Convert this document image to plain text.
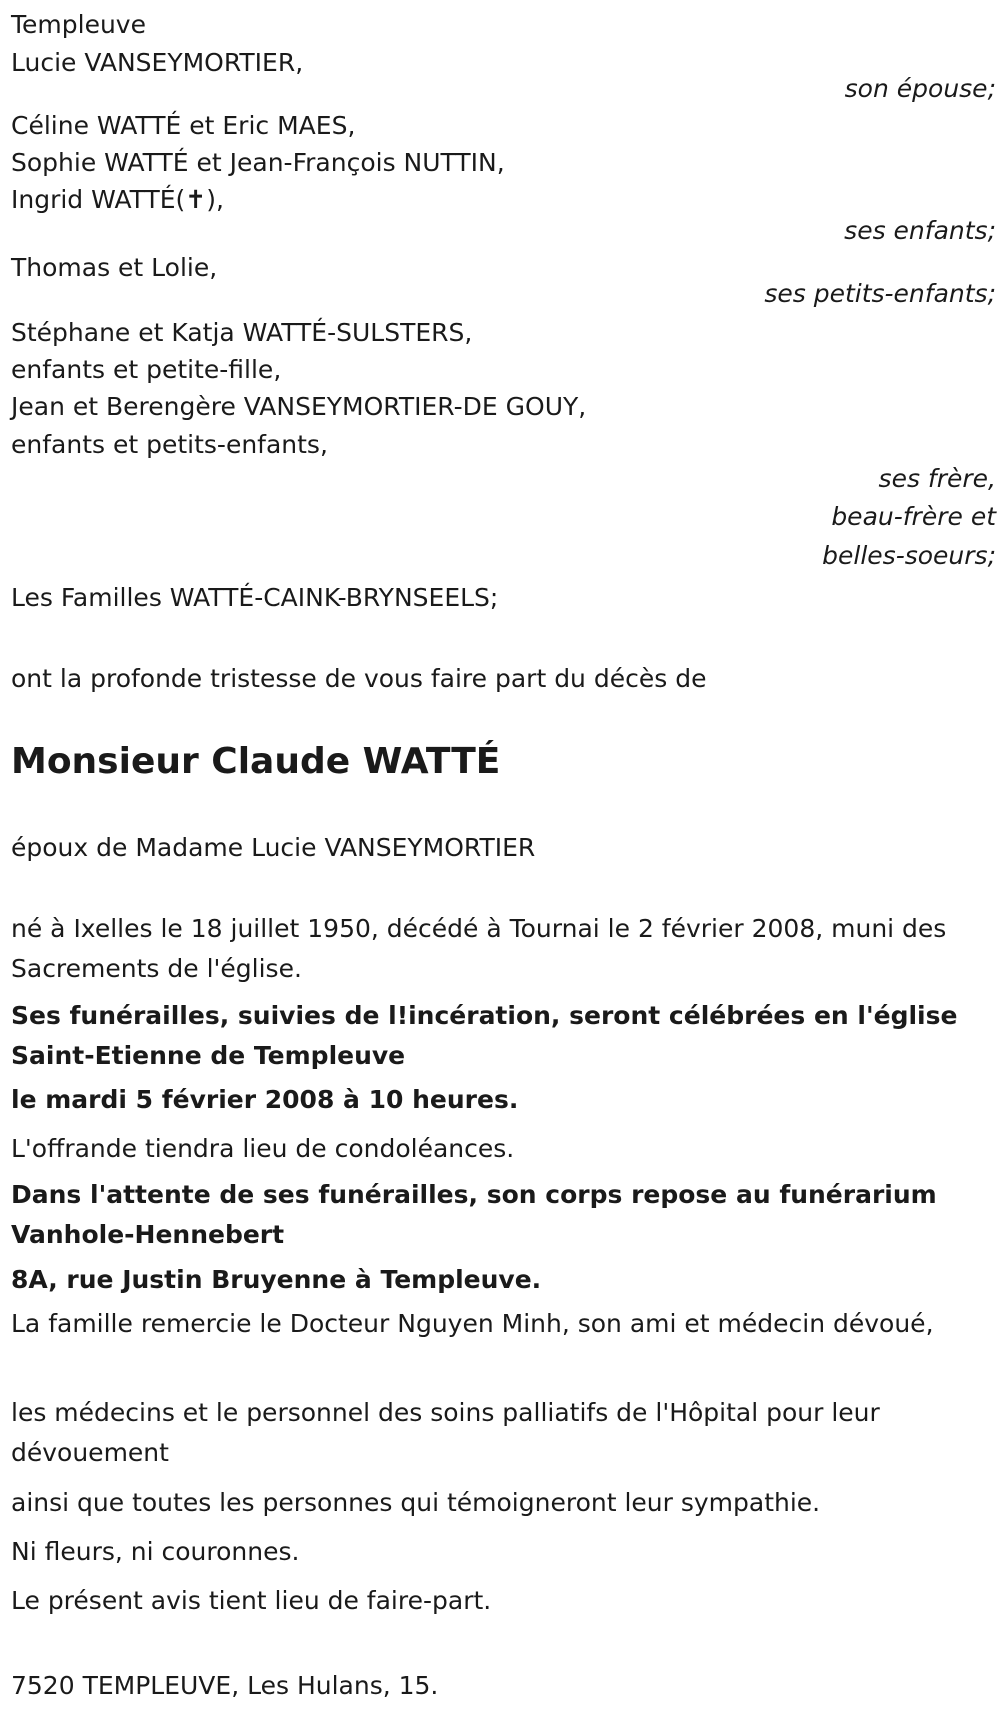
Templeuve
Lucie VANSEYMORTIER,
son épouse;
Céline WATTÉ et Eric MAES,
Sophie WATTÉ et Jean-François NUTTIN,
Ingrid WATTÉ(✝),
ses enfants;
Thomas et Lolie,
ses petits-enfants;
Stéphane et Katja WATTÉ-SULSTERS,
enfants et petite-fille,
Jean et Berengère VANSEYMORTIER-DE GOUY,
enfants et petits-enfants,
ses frère,
beau-frère et
belles-soeurs;
Les Familles WATTÉ-CAINK-BRYNSEELS;
ont la profonde tristesse de vous faire part du décès de
Monsieur Claude WATTÉ
époux de Madame Lucie VANSEYMORTIER
né à Ixelles le 18 juillet 1950, décédé à Tournai le 2 février 2008, muni des Sacrements de l'église.
Ses funérailles, suivies de l!incération, seront célébrées en l'église Saint-Etienne de Templeuve
le mardi 5 février 2008 à 10 heures.
L'offrande tiendra lieu de condoléances.
Dans l'attente de ses funérailles, son corps repose au funérarium Vanhole-Hennebert
8A, rue Justin Bruyenne à Templeuve.
La famille remercie le Docteur Nguyen Minh, son ami et médecin dévoué,
les médecins et le personnel des soins palliatifs de l'Hôpital pour leur dévouement
ainsi que toutes les personnes qui témoigneront leur sympathie.
Ni fleurs, ni couronnes.
Le présent avis tient lieu de faire-part.
7520 TEMPLEUVE, Les Hulans, 15.
